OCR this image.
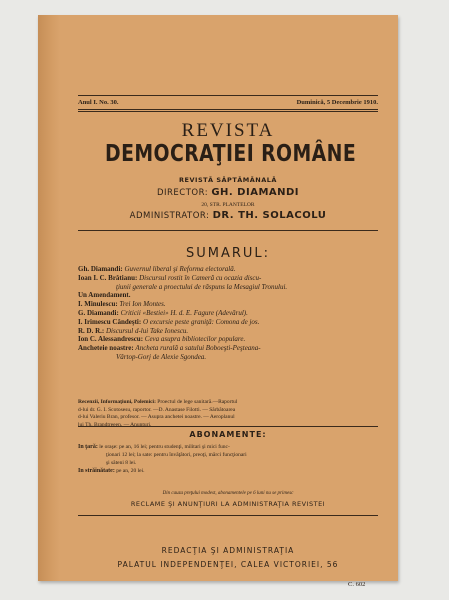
Anul I. No. 30.	Duminică, 5 Decembrie 1910.
REVISTA
DEMOCRAŢIEI ROMÂNE
REVISTĂ SĂPTĂMÂNALĂ
DIRECTOR: GH. DIAMANDI
20, STR. PLANTELOR
ADMINISTRATOR: DR. TH. SOLACOLU
SUMARUL:
Gh. Diamandi: Guvernul liberal şi Reforma electorală.
Ioan I. C. Brătianu: Discursul rostit în Cameră cu ocazia discu-
ţiunii generale a proectului de răspuns la Mesagiul Tronului.
Un Amendament.
I. Minulescu: Trei Ion Montes.
G. Diamandi: Criticii «Bestiei» H. d. E. Fagure (Adevărul).
I. Irimescu Căndeşti: O excursie peste graniţă: Comona de jos.
R. D. R.: Discursul d-lui Take Ionescu.
Ion C. Alessandrescu: Ceva asupra bibliotecilor populare.
Ancheteie noastre: Ancheta rurală a satului Boboeşti-Peşteana-
Vârtop-Gorj de Alexie Sgondea.
Recenzii, Informaţiuni, Polemici: Proectul de lege sanitară.—Raportul
d-lui dr. G. I. Scotosesu, raportor. —D. Anastase Filotti. — Sărbătoarea
d-lui Valeriu Bran, profesor. — Asupra anchetei noastre. — Aeroplanul
lui Th. Brandtreeen. — Anunţuri.
ABONAMENTE:
In ţară: le oraşe: pe an, 16 lei; pentru studenţi, militari şi mici func-
ţionari 12 lei; la sate: pentru învăţători, preoţi, mărci funcţionari
şi săteni 8 lei.
In străinătate: pe an, 20 lei.
Din cauza preţului modest, abonamentele pe 6 luni nu se primesc
RECLAME ŞI ANUNŢIURI LA ADMINISTRAŢIA REVISTEI
REDACŢIA ŞI ADMINISTRAŢIA
PALATUL INDEPENDENŢEI, CALEA VICTORIEI, 56
C. 602
